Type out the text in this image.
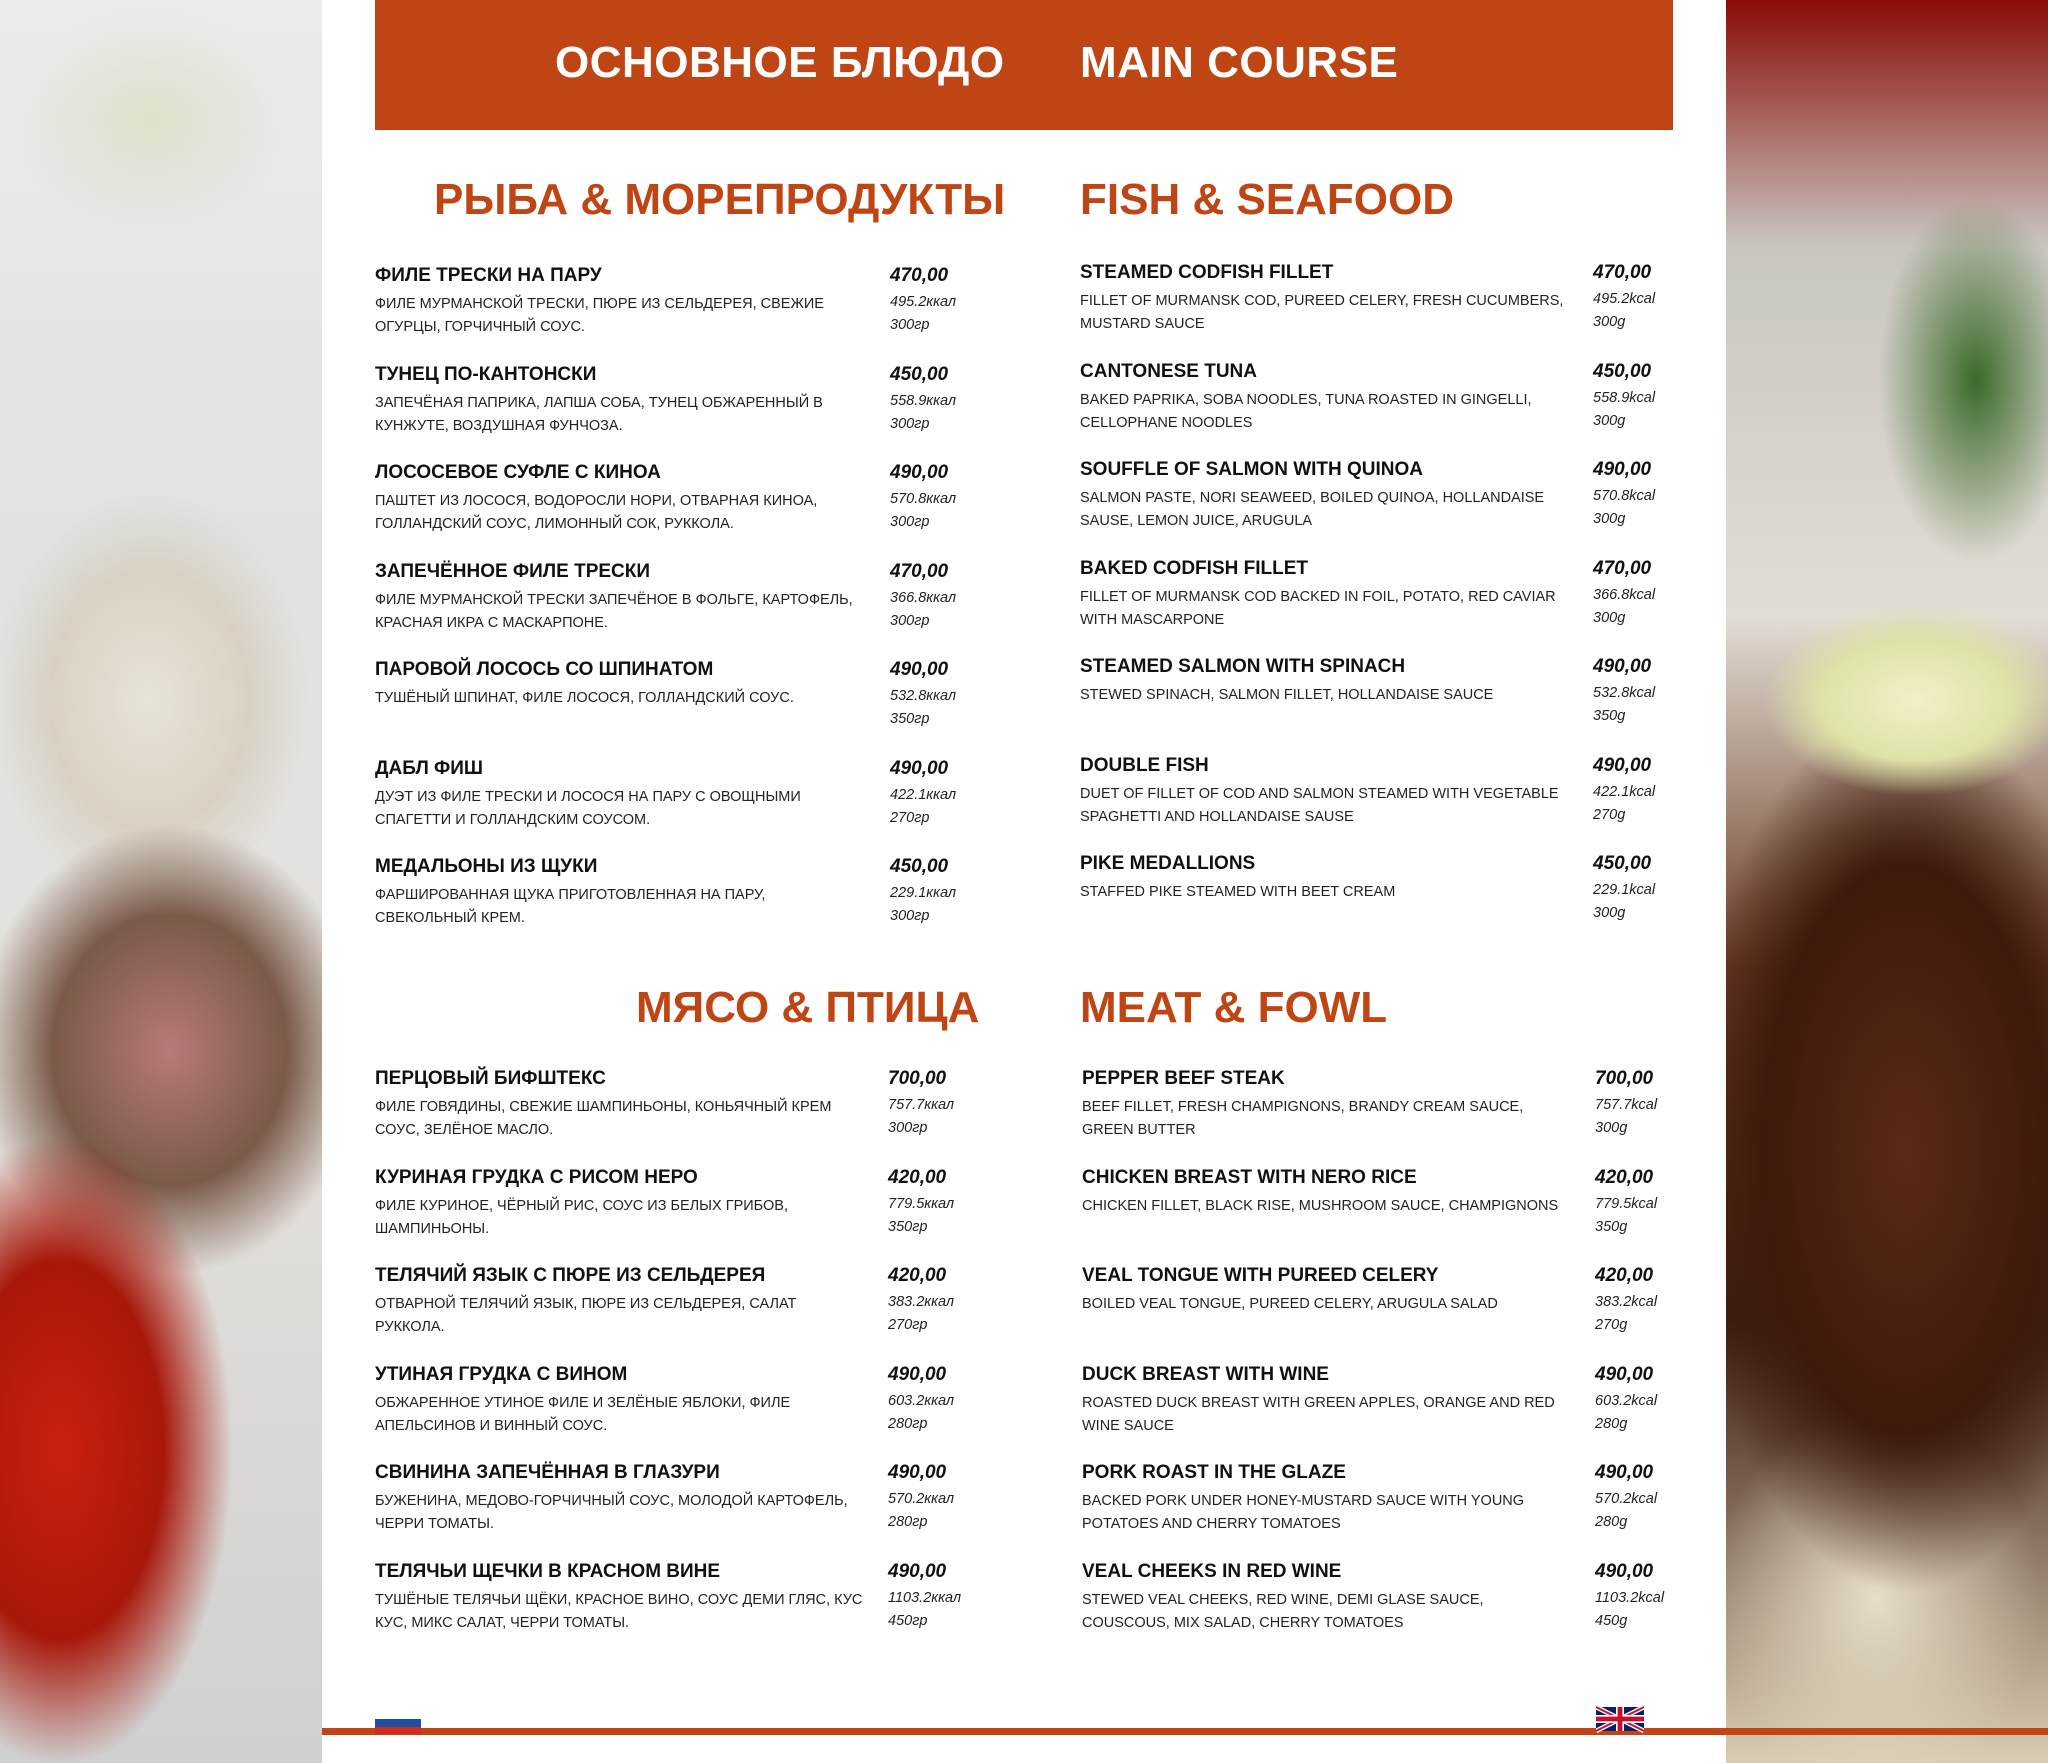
ОСНОВНОЕ БЛЮДО MAIN COURSE
РЫБА & МОРЕПРОДУКТЫ FISH & SEAFOOD
МЯСО & ПТИЦА MEAT & FOWL
ФИЛЕ ТРЕСКИ НА ПАРУ
ФИЛЕ МУРМАНСКОЙ ТРЕСКИ, ПЮРЕ ИЗ СЕЛЬДЕРЕЯ, СВЕЖИЕ ОГУРЦЫ, ГОРЧИЧНЫЙ СОУС.
470,00
495.2ккал
300гр
ТУНЕЦ ПО-КАНТОНСКИ
ЗАПЕЧЁНАЯ ПАПРИКА, ЛАПША СОБА, ТУНЕЦ ОБЖАРЕННЫЙ В КУНЖУТЕ, ВОЗДУШНАЯ ФУНЧОЗА.
450,00
558.9ккал
300гр
ЛОСОСЕВОЕ СУФЛЕ С КИНОА
ПАШТЕТ ИЗ ЛОСОСЯ, ВОДОРОСЛИ НОРИ, ОТВАРНАЯ КИНОА, ГОЛЛАНДСКИЙ СОУС, ЛИМОННЫЙ СОК, РУККОЛА.
490,00
570.8ккал
300гр
ЗАПЕЧЁННОЕ ФИЛЕ ТРЕСКИ
ФИЛЕ МУРМАНСКОЙ ТРЕСКИ ЗАПЕЧЁНОЕ В ФОЛЬГЕ, КАРТОФЕЛЬ, КРАСНАЯ ИКРА С МАСКАРПОНЕ.
470,00
366.8ккал
300гр
ПАРОВОЙ ЛОСОСЬ СО ШПИНАТОМ
ТУШЁНЫЙ ШПИНАТ, ФИЛЕ ЛОСОСЯ, ГОЛЛАНДСКИЙ СОУС.
490,00
532.8ккал
350гр
ДАБЛ ФИШ
ДУЭТ ИЗ ФИЛЕ ТРЕСКИ И ЛОСОСЯ НА ПАРУ С ОВОЩНЫМИ СПАГЕТТИ И ГОЛЛАНДСКИМ СОУСОМ.
490,00
422.1ккал
270гр
МЕДАЛЬОНЫ ИЗ ЩУКИ
ФАРШИРОВАННАЯ ЩУКА ПРИГОТОВЛЕННАЯ НА ПАРУ, СВЕКОЛЬНЫЙ КРЕМ.
450,00
229.1ккал
300гр
STEAMED CODFISH FILLET
FILLET OF MURMANSK COD, PUREED CELERY, FRESH CUCUMBERS, MUSTARD SAUCE
470,00
495.2kcal
300g
CANTONESE TUNA
BAKED PAPRIKA, SOBA NOODLES, TUNA ROASTED IN GINGELLI, CELLOPHANE NOODLES
450,00
558.9kcal
300g
SOUFFLE OF SALMON WITH QUINOA
SALMON PASTE, NORI SEAWEED, BOILED QUINOA, HOLLANDAISE SAUSE, LEMON JUICE, ARUGULA
490,00
570.8kcal
300g
BAKED CODFISH FILLET
FILLET OF MURMANSK COD BACKED IN FOIL, POTATO, RED CAVIAR WITH MASCARPONE
470,00
366.8kcal
300g
STEAMED SALMON WITH SPINACH
STEWED SPINACH, SALMON FILLET, HOLLANDAISE SAUCE
490,00
532.8kcal
350g
DOUBLE FISH
DUET OF FILLET OF COD AND SALMON STEAMED WITH VEGETABLE SPAGHETTI AND HOLLANDAISE SAUSE
490,00
422.1kcal
270g
PIKE MEDALLIONS
STAFFED PIKE STEAMED WITH BEET CREAM
450,00
229.1kcal
300g
ПЕРЦОВЫЙ БИФШТЕКС
ФИЛЕ ГОВЯДИНЫ, СВЕЖИЕ ШАМПИНЬОНЫ, КОНЬЯЧНЫЙ КРЕМ СОУС, ЗЕЛЁНОЕ МАСЛО.
700,00
757.7ккал
300гр
КУРИНАЯ ГРУДКА С РИСОМ НЕРО
ФИЛЕ КУРИНОЕ, ЧЁРНЫЙ РИС, СОУС ИЗ БЕЛЫХ ГРИБОВ, ШАМПИНЬОНЫ.
420,00
779.5ккал
350гр
ТЕЛЯЧИЙ ЯЗЫК С ПЮРЕ ИЗ СЕЛЬДЕРЕЯ
ОТВАРНОЙ ТЕЛЯЧИЙ ЯЗЫК, ПЮРЕ ИЗ СЕЛЬДЕРЕЯ, САЛАТ РУККОЛА.
420,00
383.2ккал
270гр
УТИНАЯ ГРУДКА С ВИНОМ
ОБЖАРЕННОЕ УТИНОЕ ФИЛЕ И ЗЕЛЁНЫЕ ЯБЛОКИ, ФИЛЕ АПЕЛЬСИНОВ И ВИННЫЙ СОУС.
490,00
603.2ккал
280гр
СВИНИНА ЗАПЕЧЁННАЯ В ГЛАЗУРИ
БУЖЕНИНА, МЕДОВО-ГОРЧИЧНЫЙ СОУС, МОЛОДОЙ КАРТОФЕЛЬ, ЧЕРРИ ТОМАТЫ.
490,00
570.2ккал
280гр
ТЕЛЯЧЬИ ЩЕЧКИ В КРАСНОМ ВИНЕ
ТУШЁНЫЕ ТЕЛЯЧЬИ ЩЁКИ, КРАСНОЕ ВИНО, СОУС ДЕМИ ГЛЯС, КУС КУС, МИКС САЛАТ, ЧЕРРИ ТОМАТЫ.
490,00
1103.2ккал
450гр
PEPPER BEEF STEAK
BEEF FILLET, FRESH CHAMPIGNONS, BRANDY CREAM SAUCE, GREEN BUTTER
700,00
757.7kcal
300g
CHICKEN BREAST WITH NERO RICE
CHICKEN FILLET, BLACK RISE, MUSHROOM SAUCE, CHAMPIGNONS
420,00
779.5kcal
350g
VEAL TONGUE WITH PUREED CELERY
BOILED VEAL TONGUE, PUREED CELERY, ARUGULA SALAD
420,00
383.2kcal
270g
DUCK BREAST WITH WINE
ROASTED DUCK BREAST WITH GREEN APPLES, ORANGE AND RED WINE SAUCE
490,00
603.2kcal
280g
PORK ROAST IN THE GLAZE
BACKED PORK UNDER HONEY-MUSTARD SAUCE WITH YOUNG POTATOES AND CHERRY TOMATOES
490,00
570.2kcal
280g
VEAL CHEEKS IN RED WINE
STEWED VEAL CHEEKS, RED WINE, DEMI GLASE SAUCE, COUSCOUS, MIX SALAD, CHERRY TOMATOES
490,00
1103.2kcal
450g
